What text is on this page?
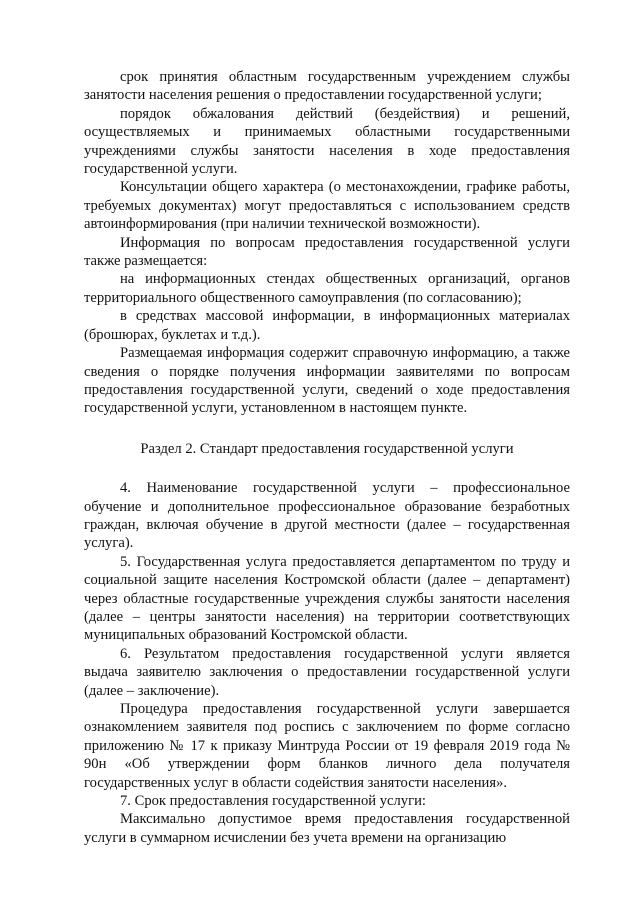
срок принятия областным государственным учреждением службы занятости населения решения о предоставлении государственной услуги;

порядок обжалования действий (бездействия) и решений, осуществляемых и принимаемых областными государственными учреждениями службы занятости населения в ходе предоставления государственной услуги.

Консультации общего характера (о местонахождении, графике работы, требуемых документах) могут предоставляться с использованием средств автоинформирования (при наличии технической возможности).

Информация по вопросам предоставления государственной услуги также размещается:

на информационных стендах общественных организаций, органов территориального общественного самоуправления (по согласованию);

в средствах массовой информации, в информационных материалах (брошюрах, буклетах и т.д.).

Размещаемая информация содержит справочную информацию, а также сведения о порядке получения информации заявителями по вопросам предоставления государственной услуги, сведений о ходе предоставления государственной услуги, установленном в настоящем пункте.

Раздел 2. Стандарт предоставления государственной услуги

4. Наименование государственной услуги – профессиональное обучение и дополнительное профессиональное образование безработных граждан, включая обучение в другой местности (далее – государственная услуга).

5. Государственная услуга предоставляется департаментом по труду и социальной защите населения Костромской области (далее – департамент) через областные государственные учреждения службы занятости населения (далее – центры занятости населения) на территории соответствующих муниципальных образований Костромской области.

6. Результатом предоставления государственной услуги является выдача заявителю заключения о предоставлении государственной услуги (далее – заключение).

Процедура предоставления государственной услуги завершается ознакомлением заявителя под роспись с заключением по форме согласно приложению № 17 к приказу Минтруда России от 19 февраля 2019 года № 90н «Об утверждении форм бланков личного дела получателя государственных услуг в области содействия занятости населения».

7. Срок предоставления государственной услуги:

Максимально допустимое время предоставления государственной услуги в суммарном исчислении без учета времени на организацию
